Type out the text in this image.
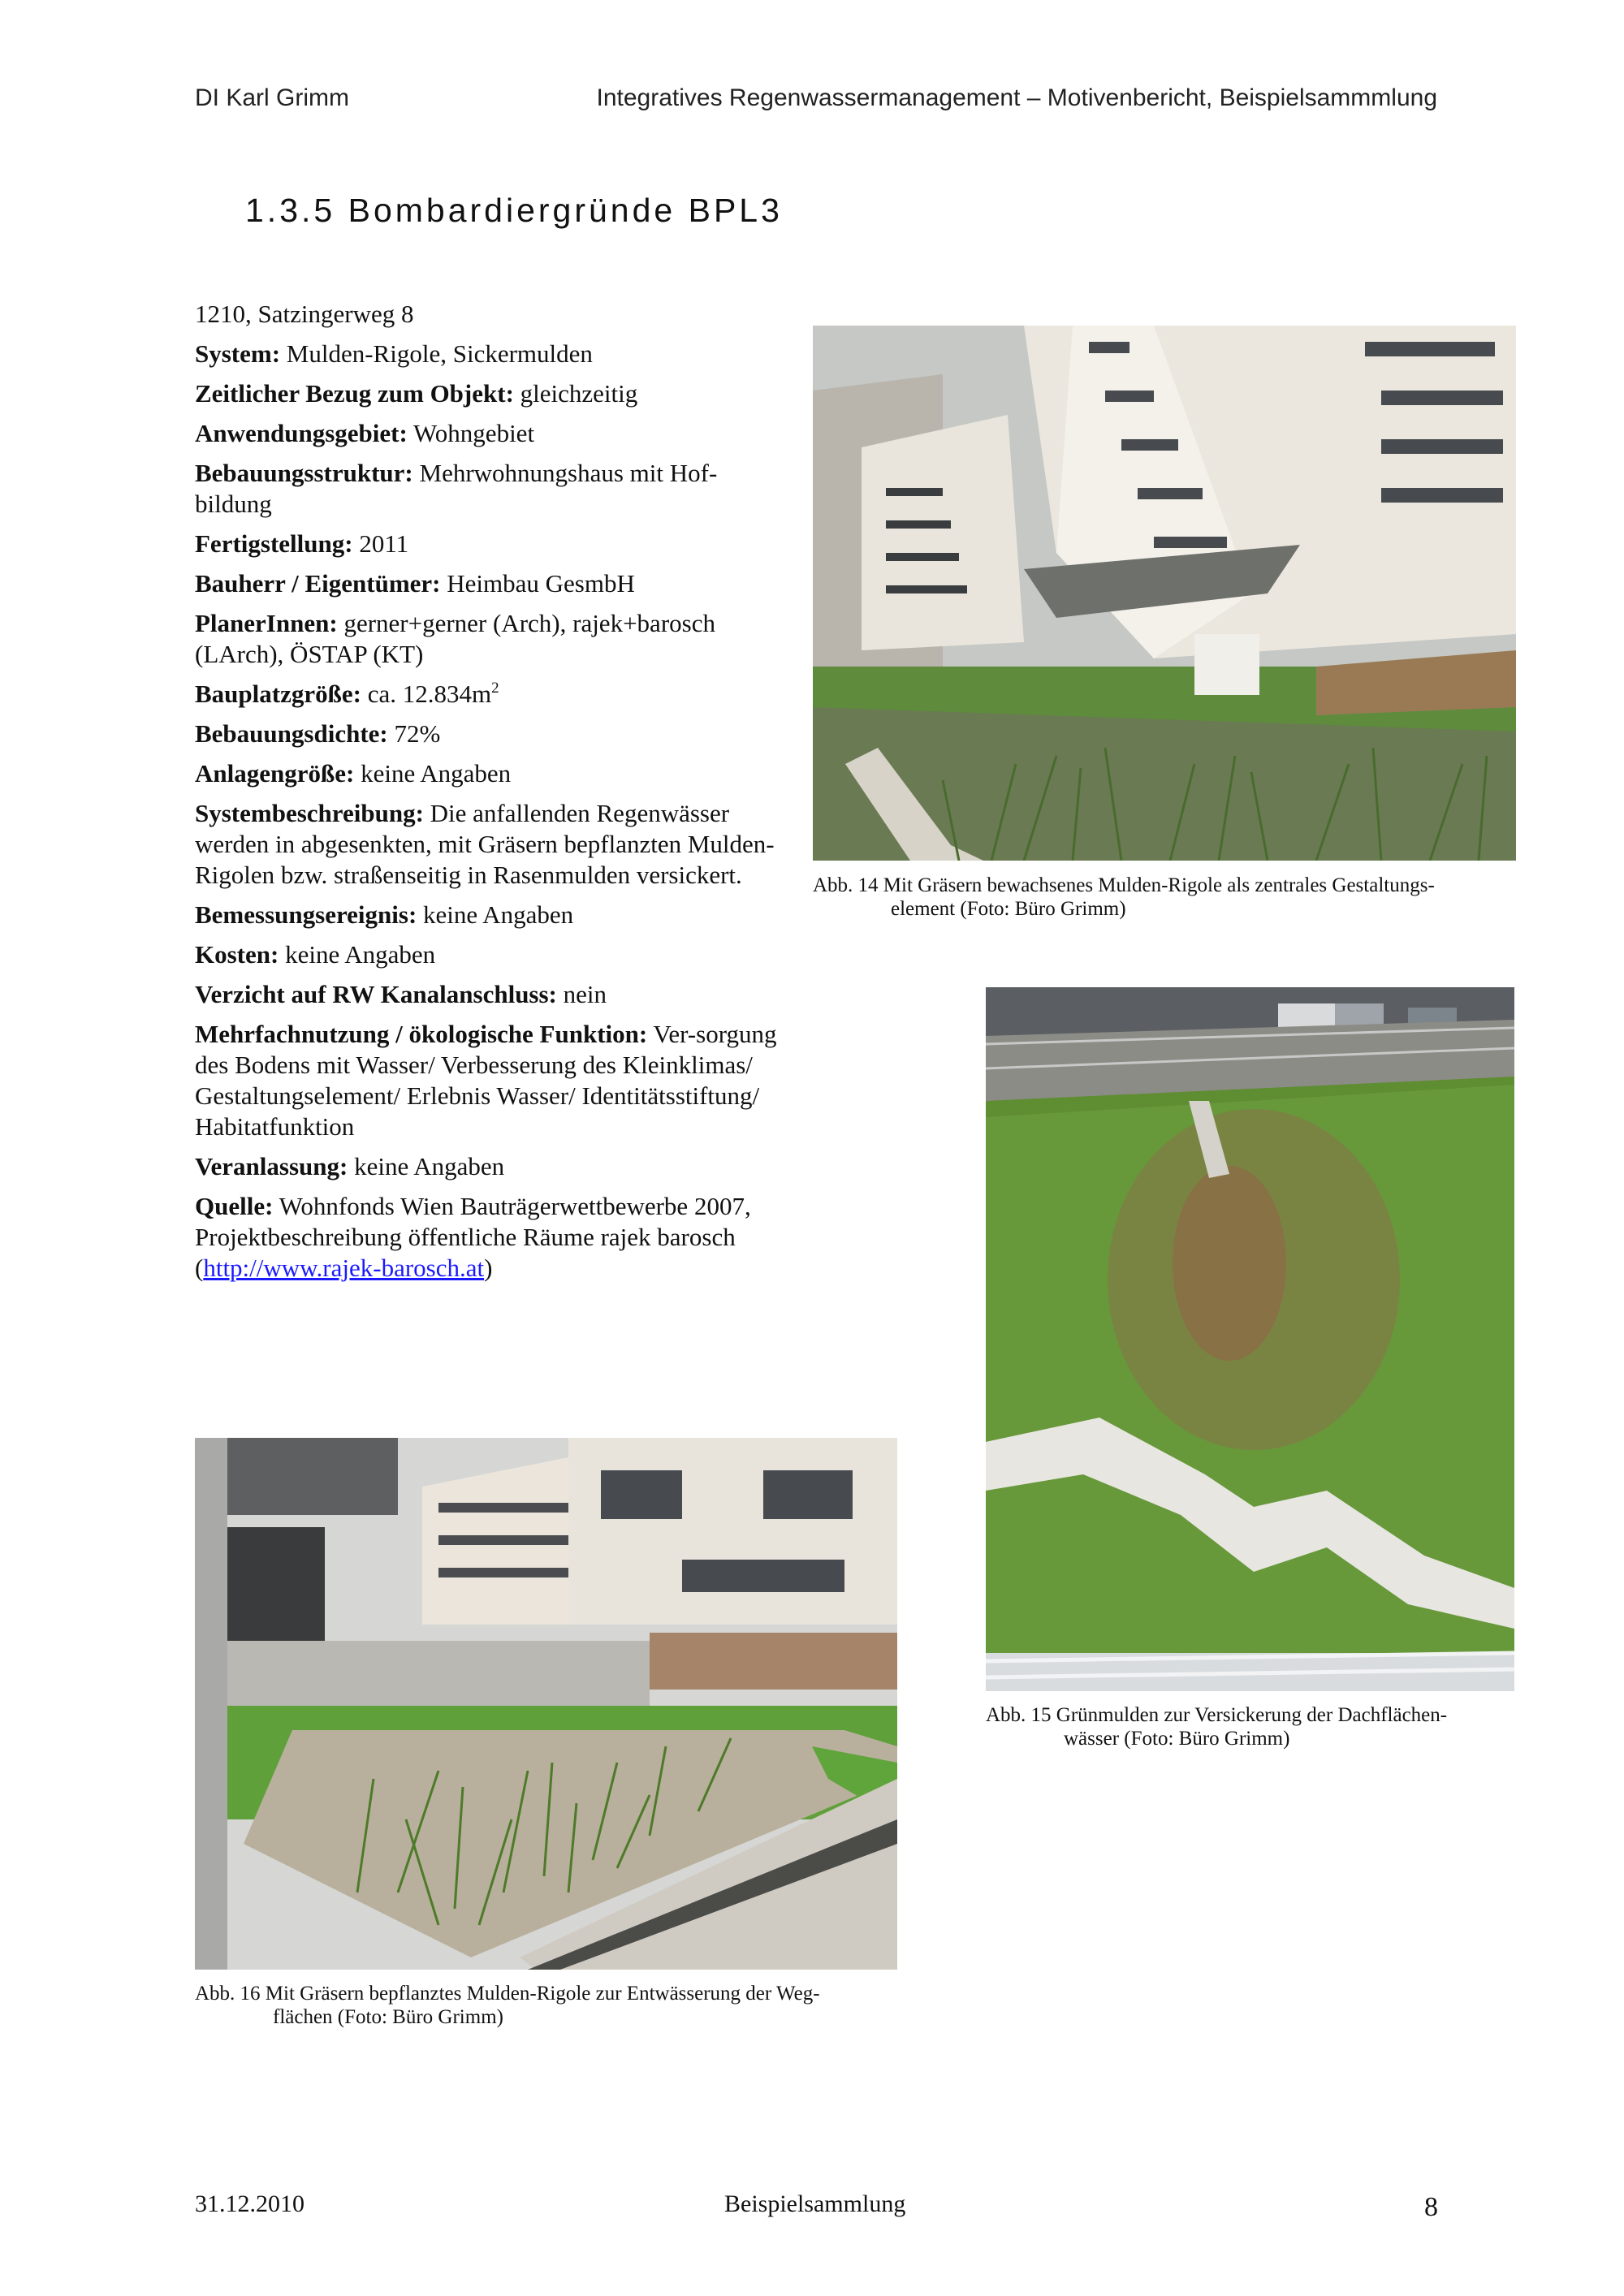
DI Karl Grimm	Integratives Regenwassermanagement – Motivenbericht, Beispielsammmlung
1.3.5 Bombardiergründe BPL3
1210, Satzingerweg 8
System: Mulden-Rigole, Sickermulden
Zeitlicher Bezug zum Objekt: gleichzeitig
Anwendungsgebiet: Wohngebiet
Bebauungsstruktur: Mehrwohnungshaus mit Hof-bildung
Fertigstellung: 2011
Bauherr / Eigentümer: Heimbau GesmbH
PlanerInnen: gerner+gerner (Arch), rajek+barosch (LArch), ÖSTAP (KT)
Bauplatzgröße: ca. $12.834m^2$
Bebauungsdichte: 72%
Anlagengröße: keine Angaben
Systembeschreibung: Die anfallenden Regenwässer werden in abgesenkten, mit Gräsern bepflanzten Mulden-Rigolen bzw. straßenseitig in Rasenmulden versickert.
Bemessungsereignis: keine Angaben
Kosten: keine Angaben
Verzicht auf RW Kanalanschluss: nein
Mehrfachnutzung / ökologische Funktion: Ver-sorgung des Bodens mit Wasser/ Verbesserung des Kleinklimas/ Gestaltungselement/ Erlebnis Wasser/ Identitätsstiftung/ Habitatfunktion
Veranlassung: keine Angaben
Quelle: Wohnfonds Wien Bauträgerwettbewerbe 2007, Projektbeschreibung öffentliche Räume rajek barosch (http://www.rajek-barosch.at)
Abb. 14 Mit Gräsern bewachsenes Mulden-Rigole als zentrales Gestaltungs-
element (Foto: Büro Grimm)
Abb. 15 Grünmulden zur Versickerung der Dachflächen-
wässer (Foto: Büro Grimm)
Abb. 16 Mit Gräsern bepflanztes Mulden-Rigole zur Entwässerung der Weg-
flächen (Foto: Büro Grimm)
31.12.2010	Beispielsammlung	8
